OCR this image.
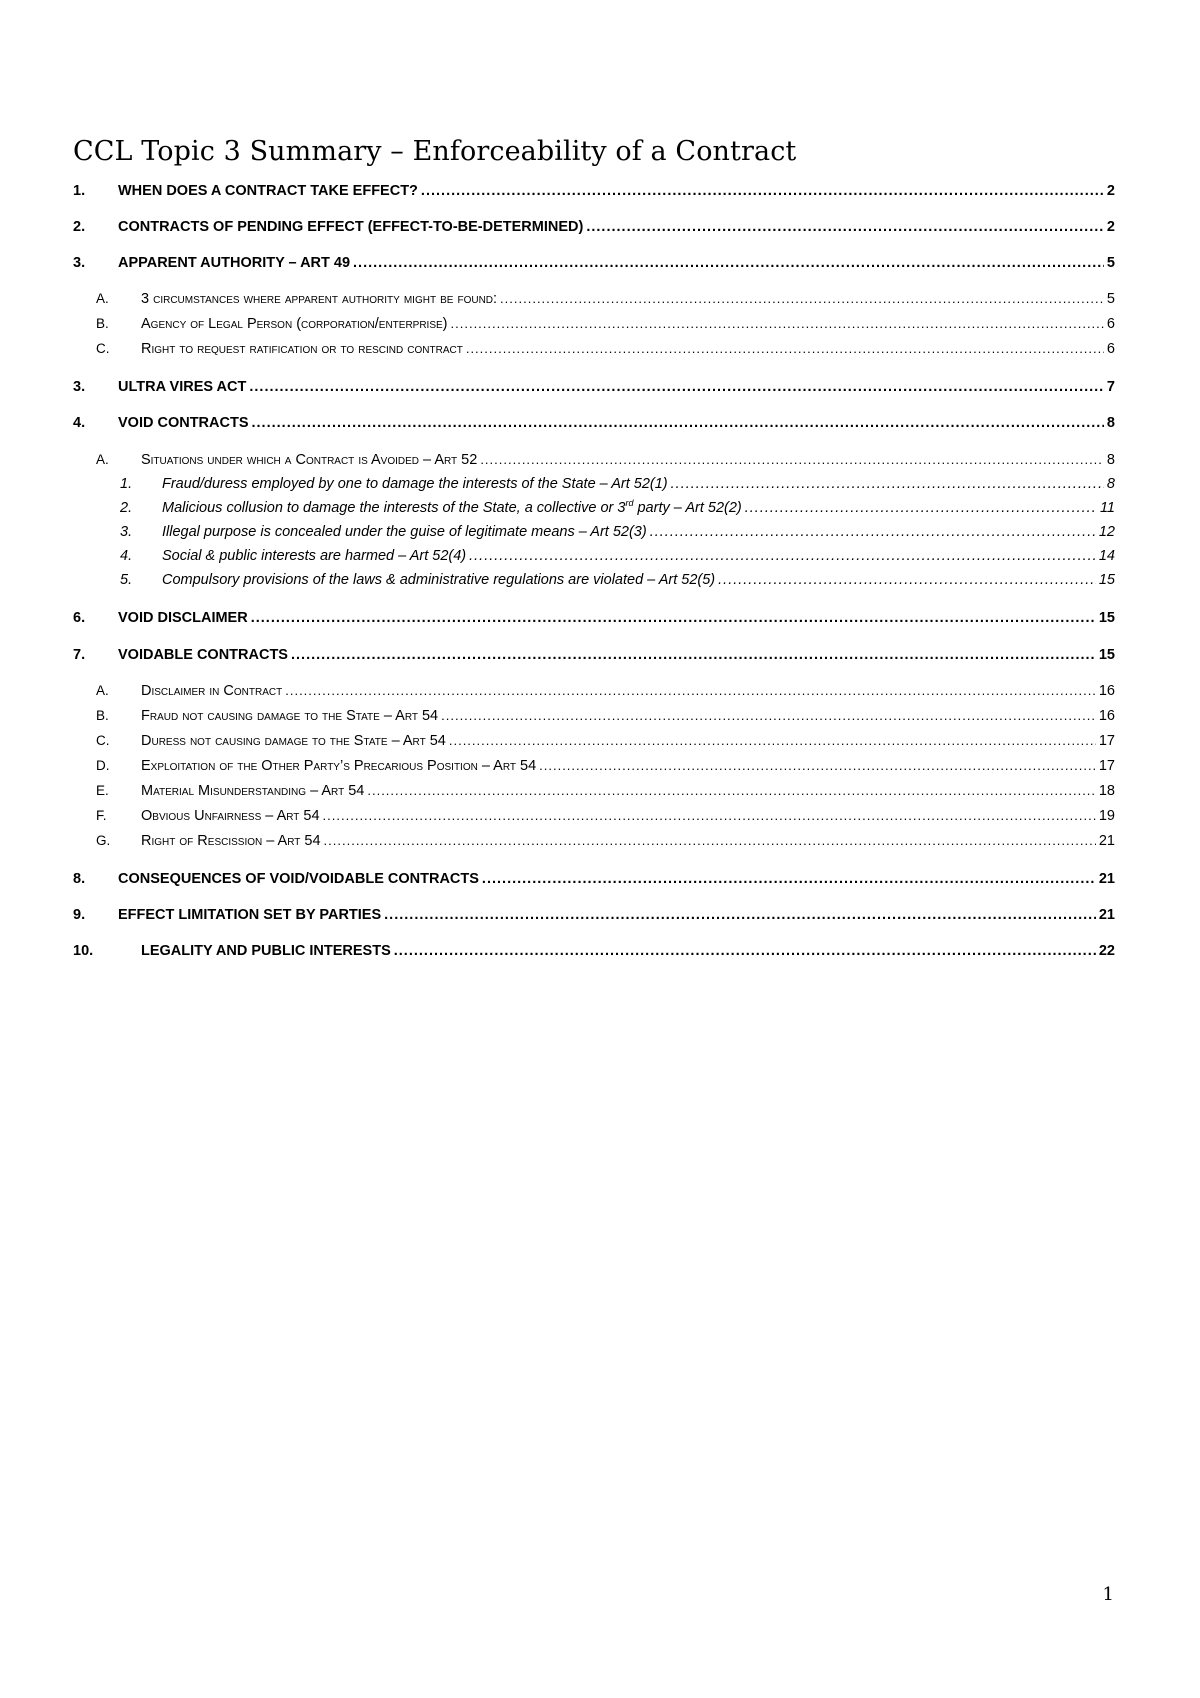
CCL Topic 3 Summary – Enforceability of a Contract
1.	WHEN DOES A CONTRACT TAKE EFFECT? .....	2
2.	CONTRACTS OF PENDING EFFECT (EFFECT-TO-BE-DETERMINED) .....	2
3.	APPARENT AUTHORITY – ART 49 .....	5
A.	3 circumstances where apparent authority might be found: .....	5
B.	Agency of Legal Person (corporation/enterprise) .....	6
C.	Right to request ratification or to rescind contract .....	6
3.	ULTRA VIRES ACT .....	7
4.	VOID CONTRACTS .....	8
A.	Situations under which a Contract is Avoided – Art 52 .....	8
1.	Fraud/duress employed by one to damage the interests of the State – Art 52(1) .....	8
2.	Malicious collusion to damage the interests of the State, a collective or 3rd party – Art 52(2) .....	11
3.	Illegal purpose is concealed under the guise of legitimate means – Art 52(3) .....	12
4.	Social & public interests are harmed – Art 52(4) .....	14
5.	Compulsory provisions of the laws & administrative regulations are violated – Art 52(5) .....	15
6.	VOID DISCLAIMER .....	15
7.	VOIDABLE CONTRACTS .....	15
A.	Disclaimer in Contract .....	16
B.	Fraud not causing damage to the State – Art 54 .....	16
C.	Duress not causing damage to the State – Art 54 .....	17
D.	Exploitation of the Other Party’s Precarious Position – Art 54 .....	17
E.	Material Misunderstanding – Art 54 .....	18
F.	Obvious Unfairness – Art 54 .....	19
G.	Right of Rescission – Art 54 .....	21
8.	CONSEQUENCES OF VOID/VOIDABLE CONTRACTS .....	21
9.	EFFECT LIMITATION SET BY PARTIES .....	21
10.	LEGALITY AND PUBLIC INTERESTS .....	22
1
